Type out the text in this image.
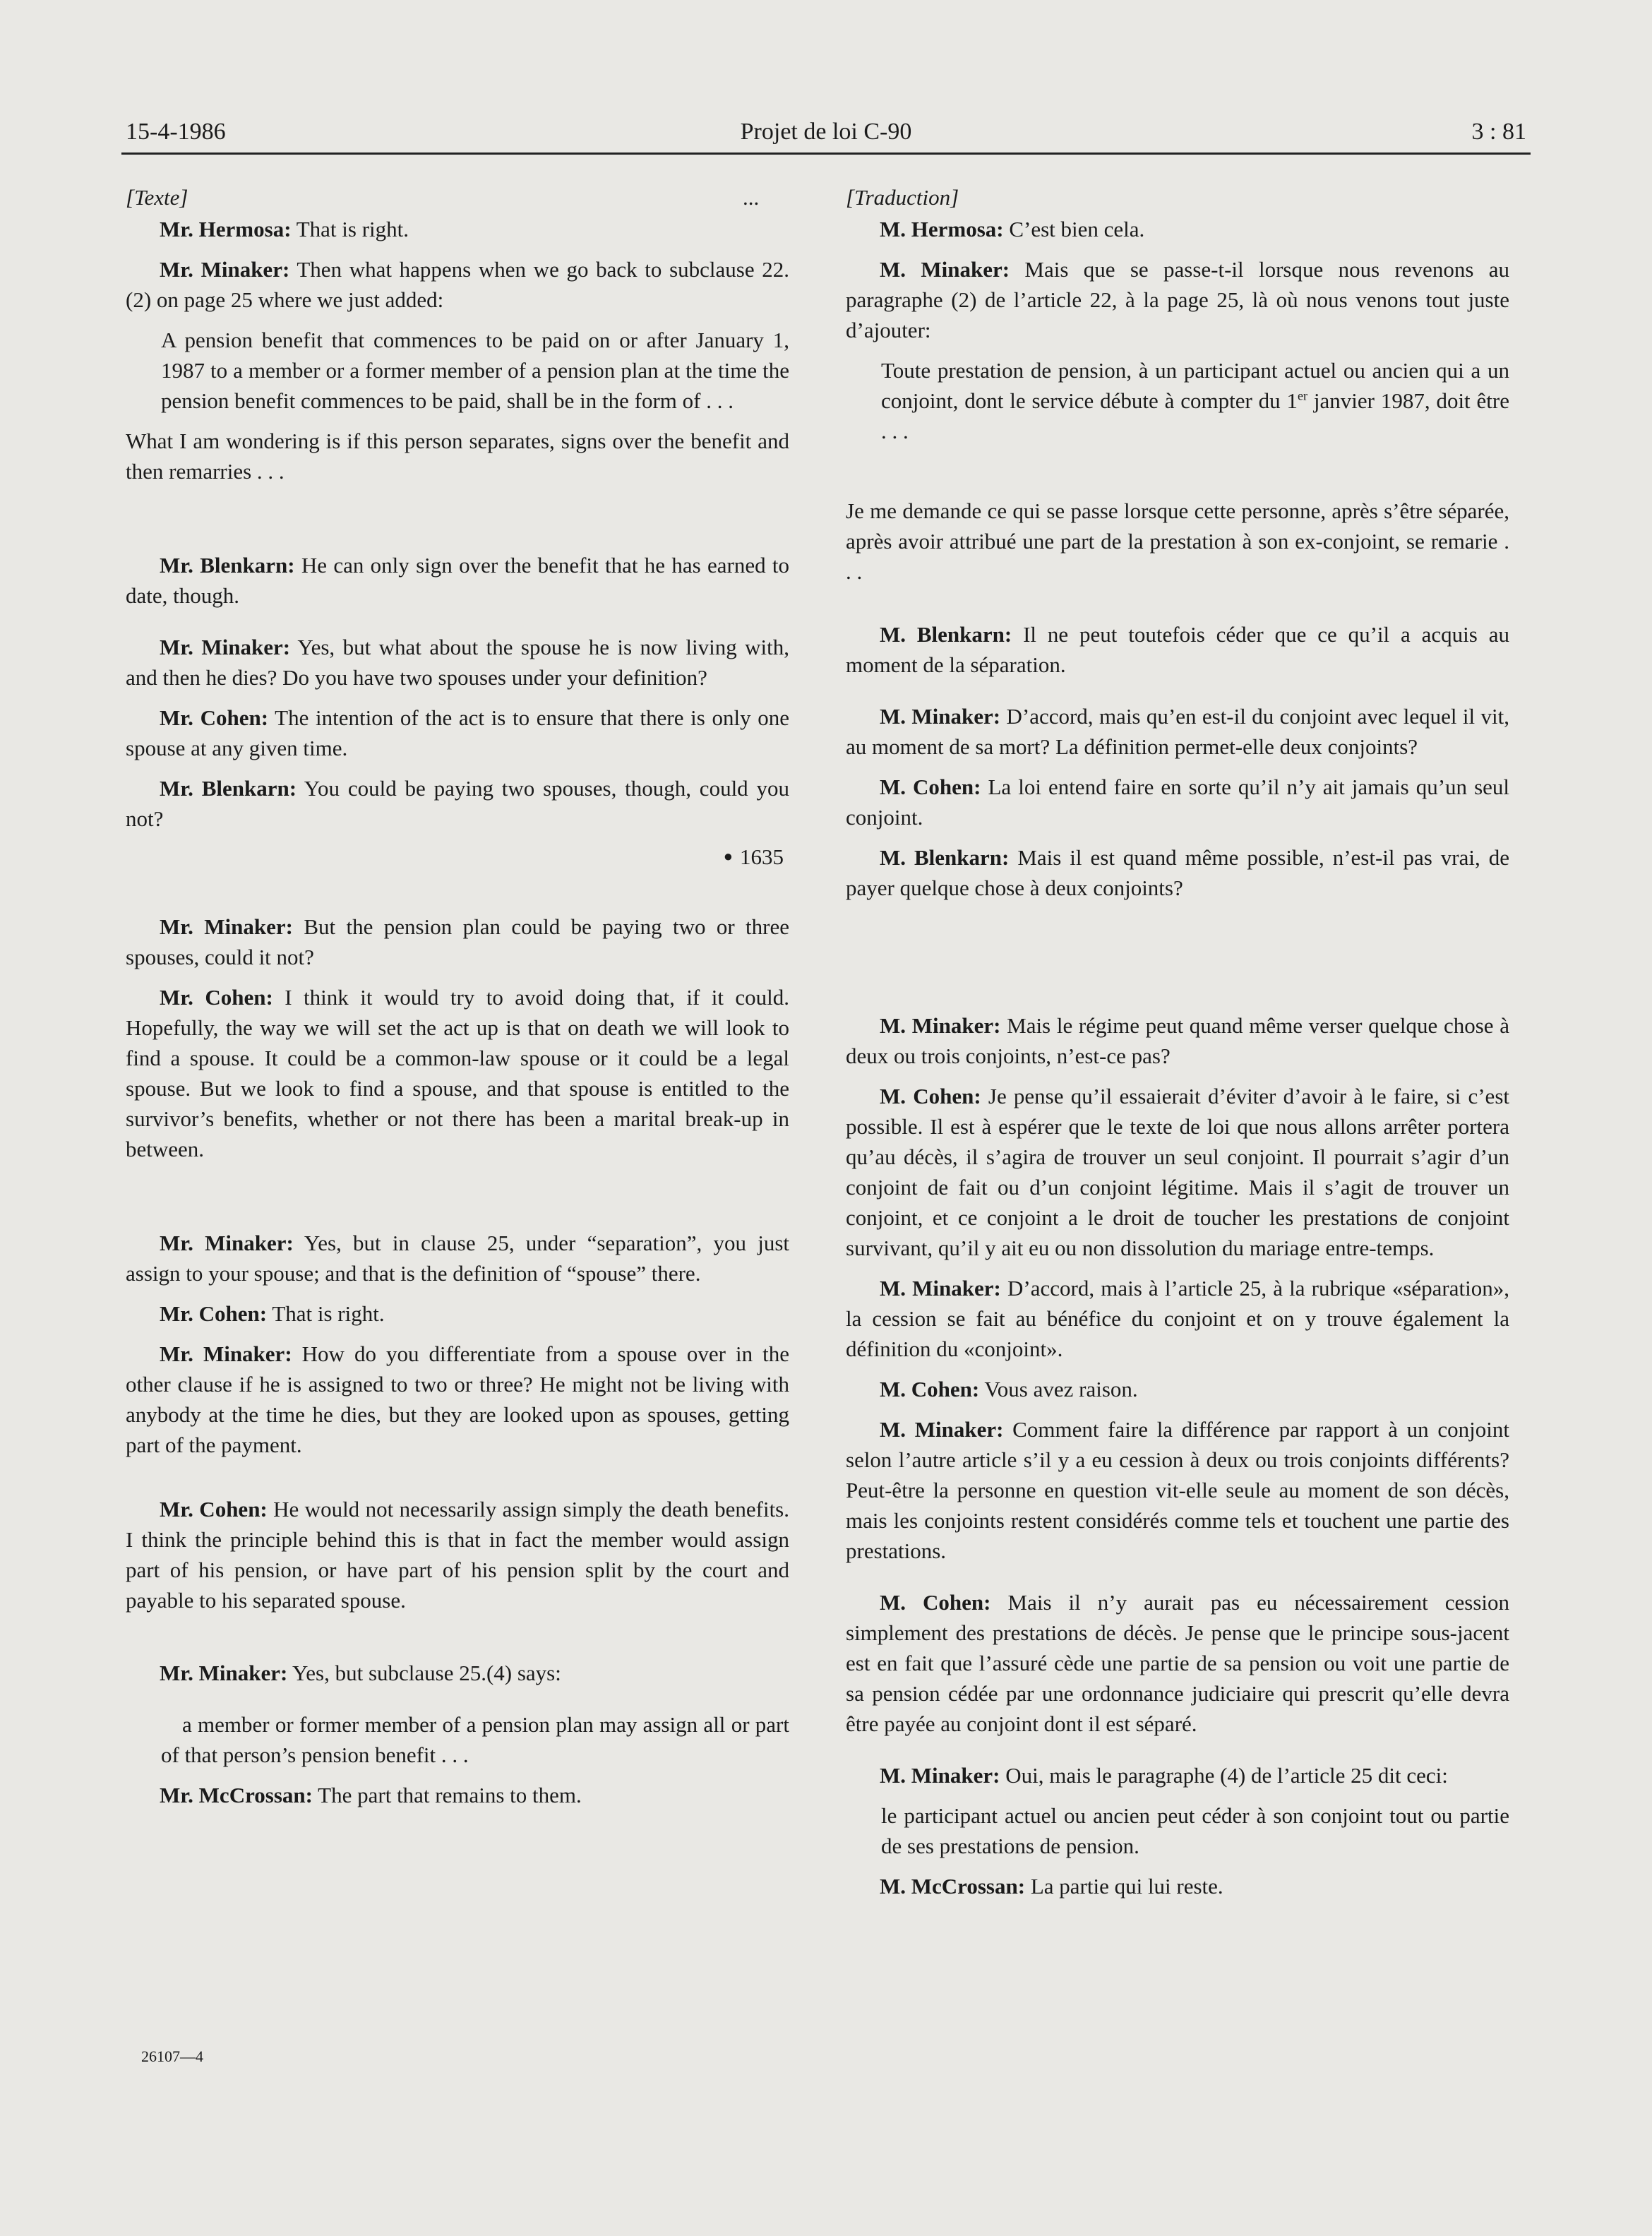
15-4-1986	Projet de loi C-90	3 : 81
...
[Texte]

Mr. Hermosa: That is right.

Mr. Minaker: Then what happens when we go back to subclause 22.(2) on page 25 where we just added:

A pension benefit that commences to be paid on or after January 1, 1987 to a member or a former member of a pension plan at the time the pension benefit commences to be paid, shall be in the form of . . .

What I am wondering is if this person separates, signs over the benefit and then remarries . . .

Mr. Blenkarn: He can only sign over the benefit that he has earned to date, though.

Mr. Minaker: Yes, but what about the spouse he is now living with, and then he dies? Do you have two spouses under your definition?

Mr. Cohen: The intention of the act is to ensure that there is only one spouse at any given time.

Mr. Blenkarn: You could be paying two spouses, though, could you not?

● 1635

Mr. Minaker: But the pension plan could be paying two or three spouses, could it not?

Mr. Cohen: I think it would try to avoid doing that, if it could. Hopefully, the way we will set the act up is that on death we will look to find a spouse. It could be a common-law spouse or it could be a legal spouse. But we look to find a spouse, and that spouse is entitled to the survivor’s benefits, whether or not there has been a marital break-up in between.

Mr. Minaker: Yes, but in clause 25, under “separation”, you just assign to your spouse; and that is the definition of “spouse” there.

Mr. Cohen: That is right.

Mr. Minaker: How do you differentiate from a spouse over in the other clause if he is assigned to two or three? He might not be living with anybody at the time he dies, but they are looked upon as spouses, getting part of the payment.

Mr. Cohen: He would not necessarily assign simply the death benefits. I think the principle behind this is that in fact the member would assign part of his pension, or have part of his pension split by the court and payable to his separated spouse.

Mr. Minaker: Yes, but subclause 25.(4) says:

a member or former member of a pension plan may assign all or part of that person’s pension benefit . . .

Mr. McCrossan: The part that remains to them.

[Traduction]

M. Hermosa: C’est bien cela.

M. Minaker: Mais que se passe-t-il lorsque nous revenons au paragraphe (2) de l’article 22, à la page 25, là où nous venons tout juste d’ajouter:

Toute prestation de pension, à un participant actuel ou ancien qui a un conjoint, dont le service débute à compter du 1er janvier 1987, doit être . . .

Je me demande ce qui se passe lorsque cette personne, après s’être séparée, après avoir attribué une part de la prestation à son ex-conjoint, se remarie . . .

M. Blenkarn: Il ne peut toutefois céder que ce qu’il a acquis au moment de la séparation.

M. Minaker: D’accord, mais qu’en est-il du conjoint avec lequel il vit, au moment de sa mort? La définition permet-elle deux conjoints?

M. Cohen: La loi entend faire en sorte qu’il n’y ait jamais qu’un seul conjoint.

M. Blenkarn: Mais il est quand même possible, n’est-il pas vrai, de payer quelque chose à deux conjoints?

M. Minaker: Mais le régime peut quand même verser quelque chose à deux ou trois conjoints, n’est-ce pas?

M. Cohen: Je pense qu’il essaierait d’éviter d’avoir à le faire, si c’est possible. Il est à espérer que le texte de loi que nous allons arrêter portera qu’au décès, il s’agira de trouver un seul conjoint. Il pourrait s’agir d’un conjoint de fait ou d’un conjoint légitime. Mais il s’agit de trouver un conjoint, et ce conjoint a le droit de toucher les prestations de conjoint survivant, qu’il y ait eu ou non dissolution du mariage entre-temps.

M. Minaker: D’accord, mais à l’article 25, à la rubrique «séparation», la cession se fait au bénéfice du conjoint et on y trouve également la définition du «conjoint».

M. Cohen: Vous avez raison.

M. Minaker: Comment faire la différence par rapport à un conjoint selon l’autre article s’il y a eu cession à deux ou trois conjoints différents? Peut-être la personne en question vit-elle seule au moment de son décès, mais les conjoints restent considérés comme tels et touchent une partie des prestations.

M. Cohen: Mais il n’y aurait pas eu nécessairement cession simplement des prestations de décès. Je pense que le principe sous-jacent est en fait que l’assuré cède une partie de sa pension ou voit une partie de sa pension cédée par une ordonnance judiciaire qui prescrit qu’elle devra être payée au conjoint dont il est séparé.

M. Minaker: Oui, mais le paragraphe (4) de l’article 25 dit ceci:

le participant actuel ou ancien peut céder à son conjoint tout ou partie de ses prestations de pension.

M. McCrossan: La partie qui lui reste.

26107—4
